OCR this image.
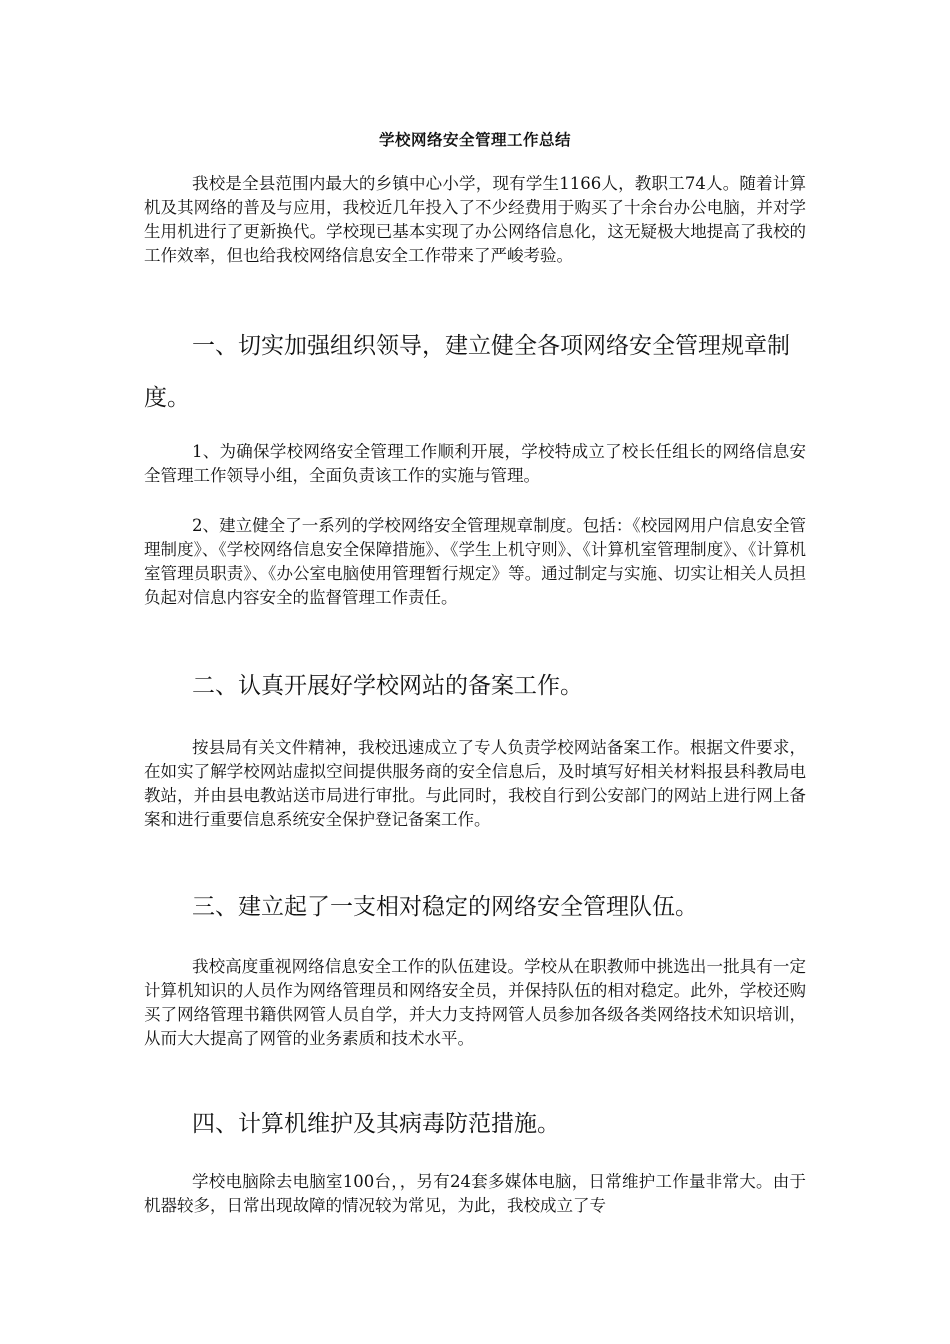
学校网络安全管理工作总结

我校是全县范围内最大的乡镇中心小学，现有学生1166人，教职工74人。随着计算机及其网络的普及与应用，我校近几年投入了不少经费用于购买了十余台办公电脑，并对学生用机进行了更新换代。学校现已基本实现了办公网络信息化，这无疑极大地提高了我校的工作效率，但也给我校网络信息安全工作带来了严峻考验。

一、切实加强组织领导，建立健全各项网络安全管理规章制度。

1、为确保学校网络安全管理工作顺利开展，学校特成立了校长任组长的网络信息安全管理工作领导小组，全面负责该工作的实施与管理。

2、建立健全了一系列的学校网络安全管理规章制度。包括：《校园网用户信息安全管理制度》、《学校网络信息安全保障措施》、《学生上机守则》、《计算机室管理制度》、《计算机室管理员职责》、《办公室电脑使用管理暂行规定》等。通过制定与实施、切实让相关人员担负起对信息内容安全的监督管理工作责任。

二、认真开展好学校网站的备案工作。

按县局有关文件精神，我校迅速成立了专人负责学校网站备案工作。根据文件要求，在如实了解学校网站虚拟空间提供服务商的安全信息后，及时填写好相关材料报县科教局电教站，并由县电教站送市局进行审批。与此同时，我校自行到公安部门的网站上进行网上备案和进行重要信息系统安全保护登记备案工作。

三、建立起了一支相对稳定的网络安全管理队伍。

我校高度重视网络信息安全工作的队伍建设。学校从在职教师中挑选出一批具有一定计算机知识的人员作为网络管理员和网络安全员，并保持队伍的相对稳定。此外，学校还购买了网络管理书籍供网管人员自学，并大力支持网管人员参加各级各类网络技术知识培训，从而大大提高了网管的业务素质和技术水平。

四、计算机维护及其病毒防范措施。

学校电脑除去电脑室100台，，另有24套多媒体电脑，日常维护工作量非常大。由于机器较多，日常出现故障的情况较为常见，为此，我校成立了专
